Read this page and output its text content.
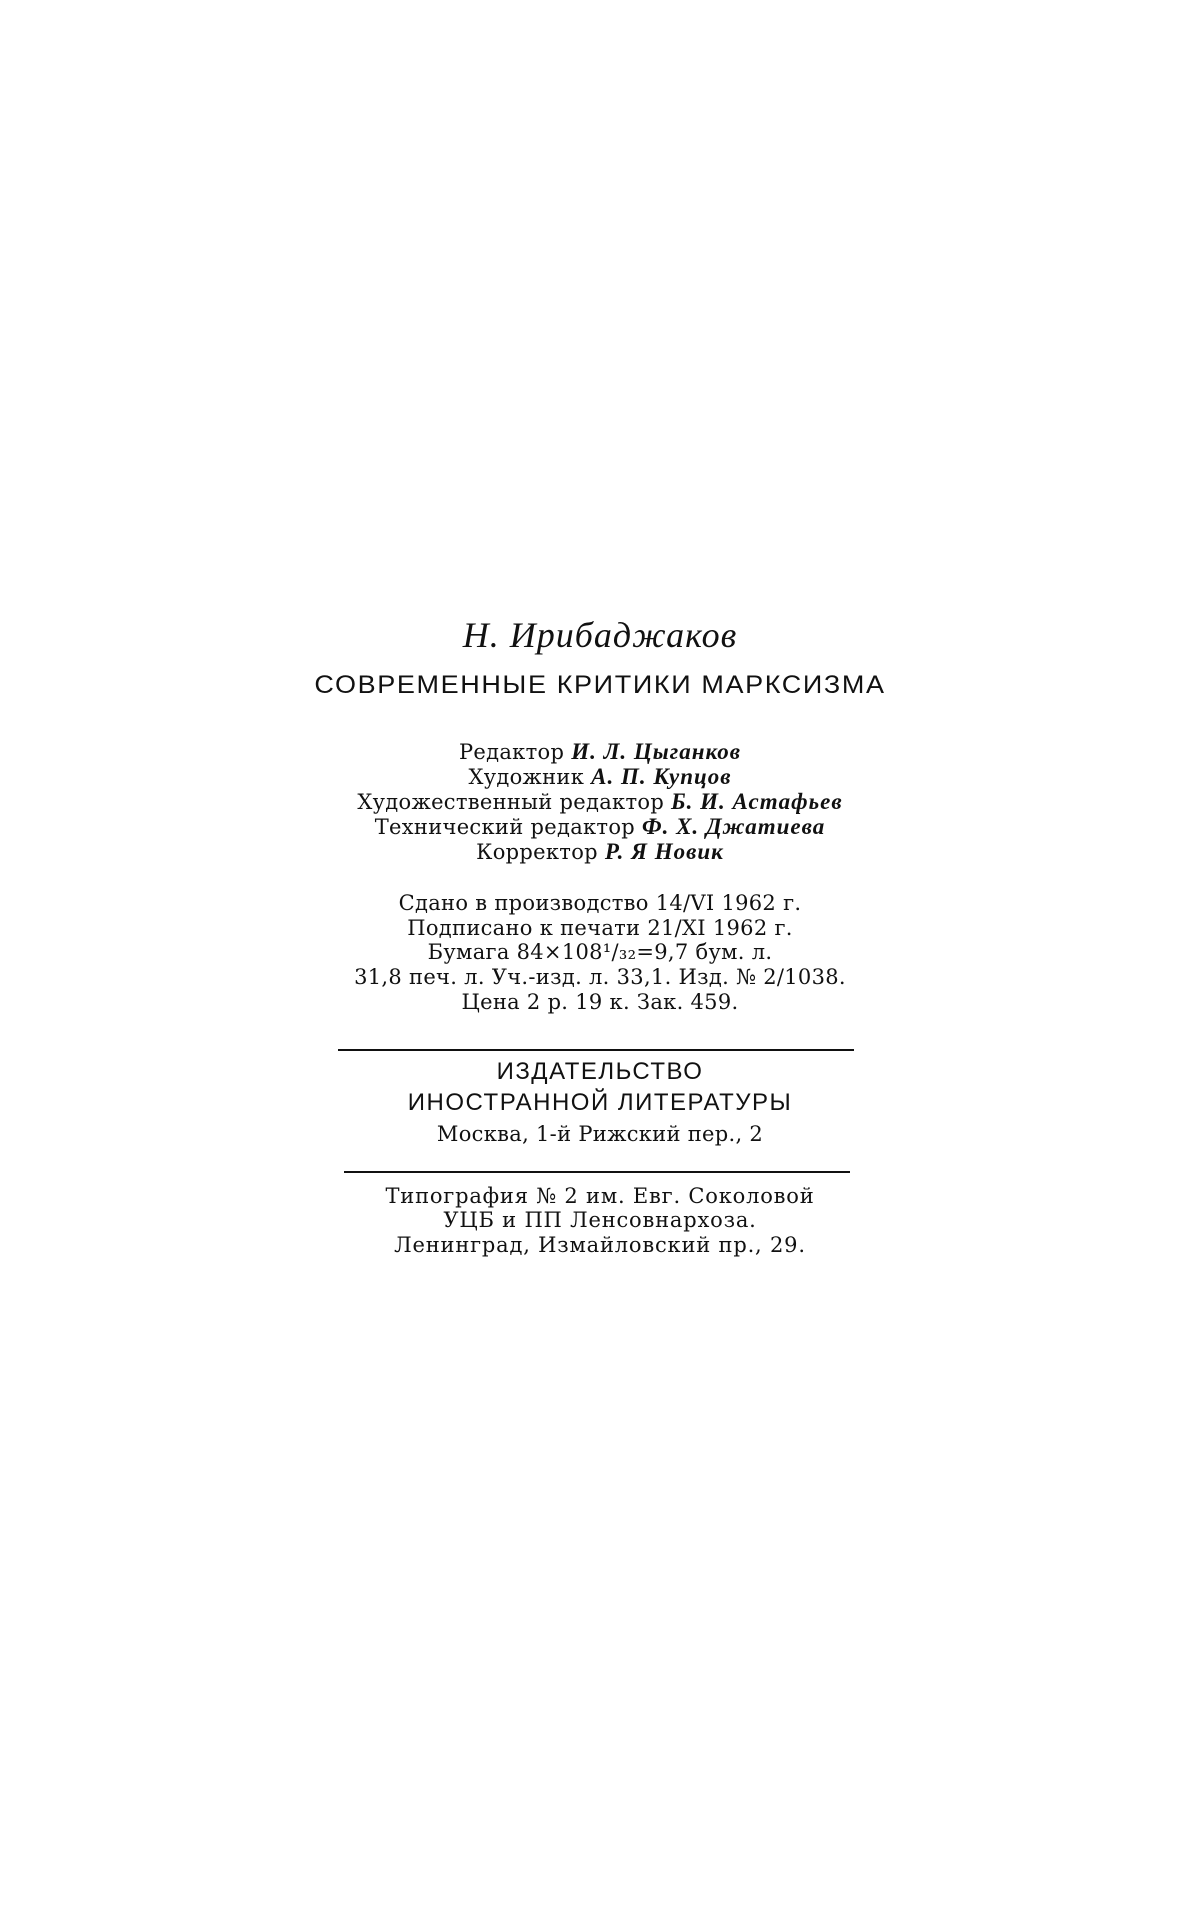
Н. Ирибаджаков
СОВРЕМЕННЫЕ КРИТИКИ МАРКСИЗМА
Редактор И. Л. Цыганков
Художник А. П. Купцов
Художественный редактор Б. И. Астафьев
Технический редактор Ф. Х. Джатиева
Корректор Р. Я Новик
Сдано в производство 14/VI 1962 г.
Подписано к печати 21/XI 1962 г.
Бумага 84×108¹/₃₂=9,7 бум. л.
31,8 печ. л. Уч.-изд. л. 33,1. Изд. № 2/1038.
Цена 2 р. 19 к. Зак. 459.
ИЗДАТЕЛЬСТВО
ИНОСТРАННОЙ ЛИТЕРАТУРЫ
Москва, 1-й Рижский пер., 2
Типография № 2 им. Евг. Соколовой
УЦБ и ПП Ленсовнархоза.
Ленинград, Измайловский пр., 29.
